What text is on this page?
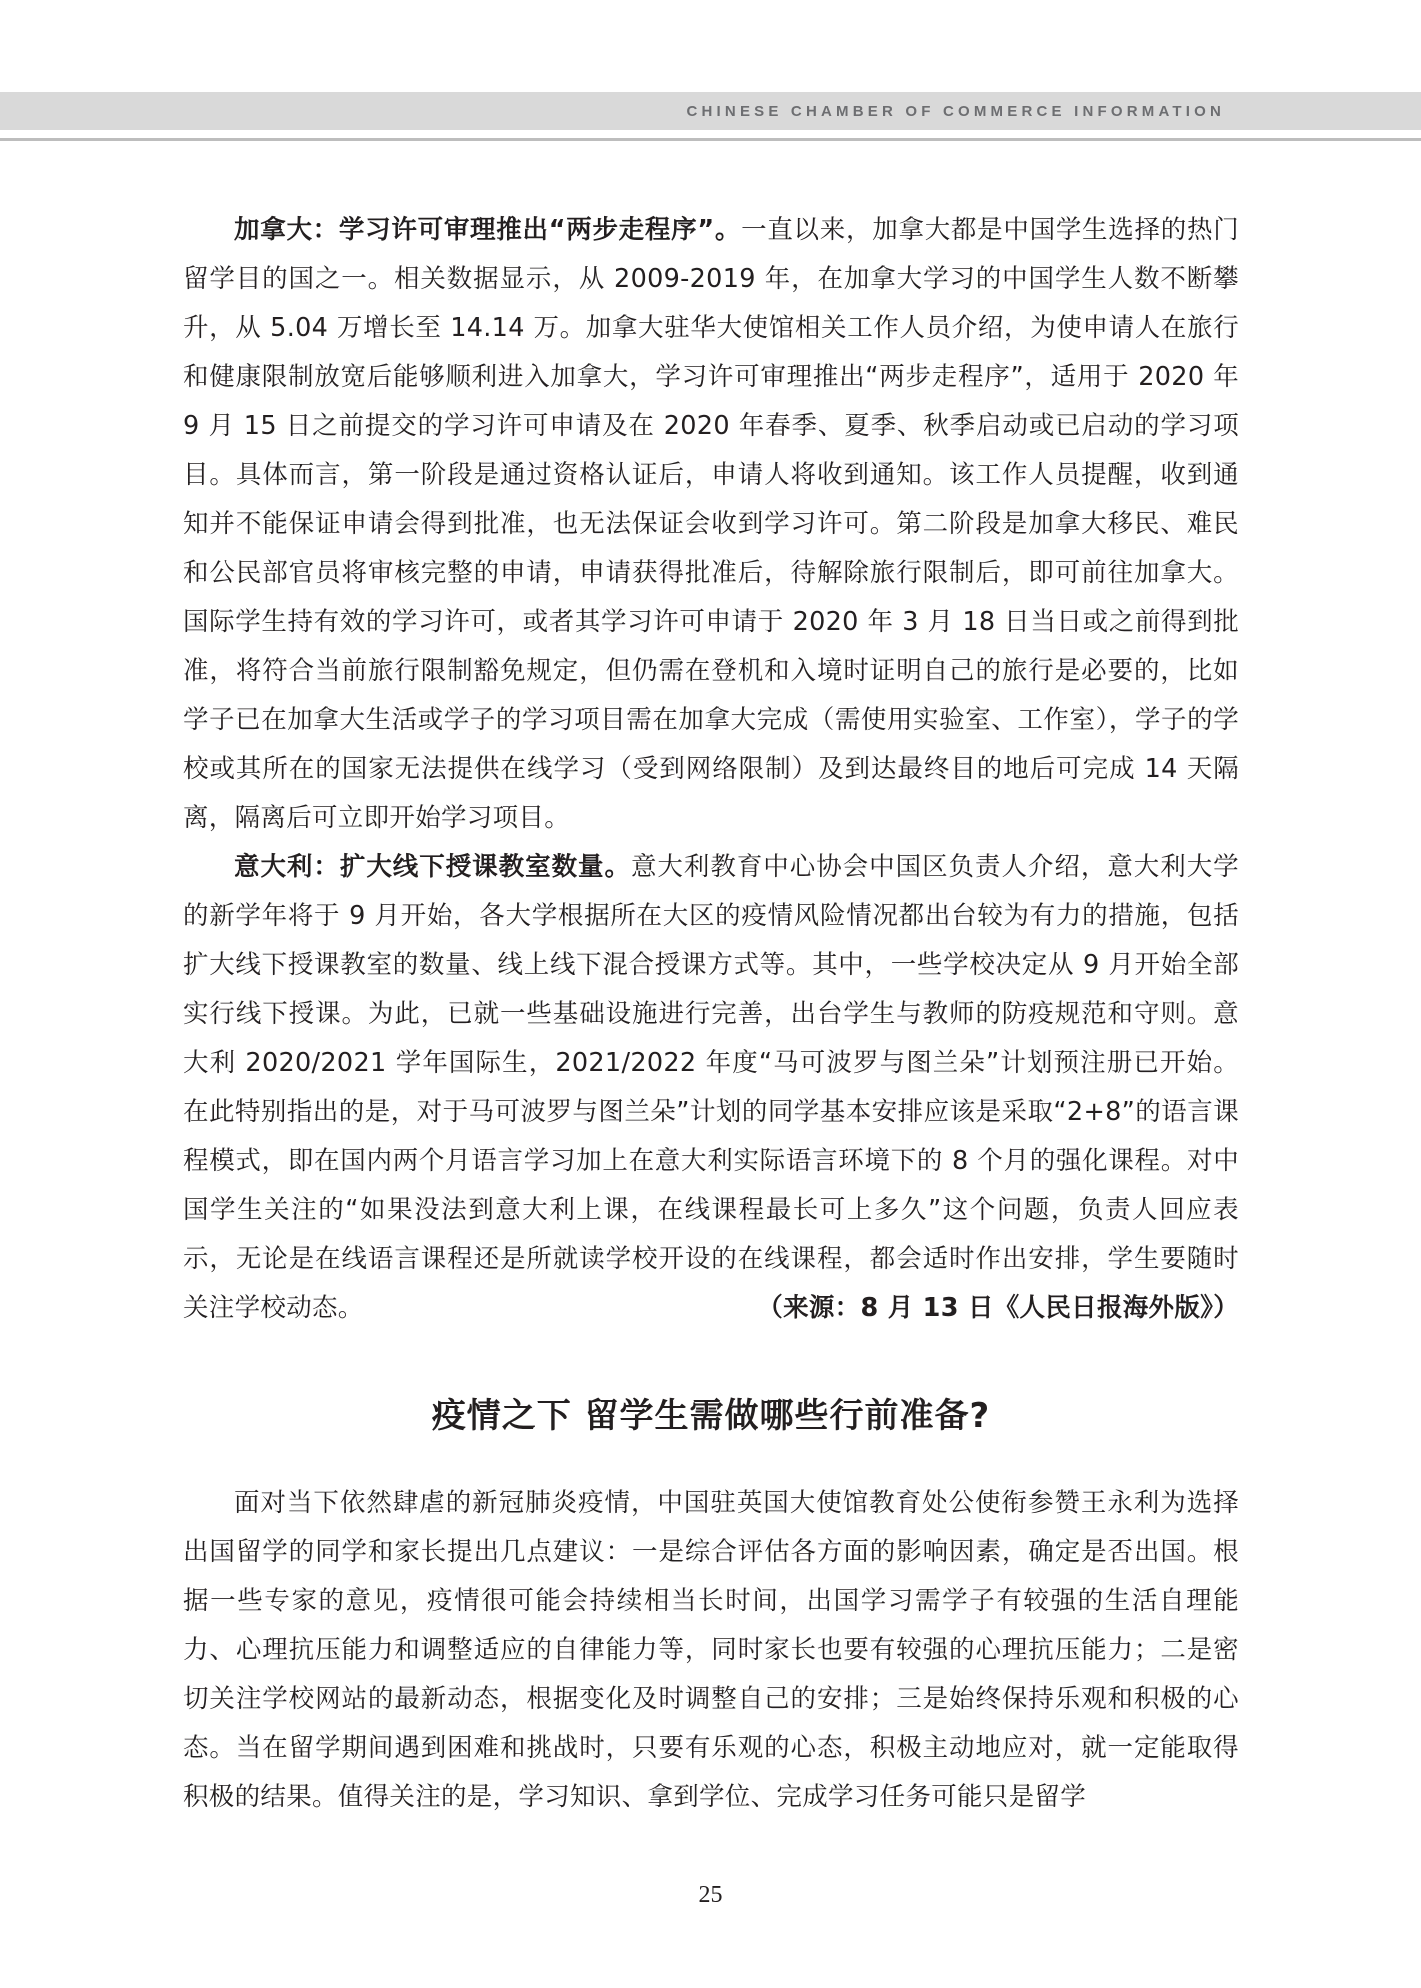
CHINESE CHAMBER OF COMMERCE INFORMATION

加拿大：学习许可审理推出“两步走程序”。一直以来，加拿大都是中国学生选择的热门留学目的国之一。相关数据显示，从 2009-2019 年，在加拿大学习的中国学生人数不断攀升，从 5.04 万增长至 14.14 万。加拿大驻华大使馆相关工作人员介绍，为使申请人在旅行和健康限制放宽后能够顺利进入加拿大，学习许可审理推出“两步走程序”，适用于 2020 年 9 月 15 日之前提交的学习许可申请及在 2020 年春季、夏季、秋季启动或已启动的学习项目。具体而言，第一阶段是通过资格认证后，申请人将收到通知。该工作人员提醒，收到通知并不能保证申请会得到批准，也无法保证会收到学习许可。第二阶段是加拿大移民、难民和公民部官员将审核完整的申请，申请获得批准后，待解除旅行限制后，即可前往加拿大。国际学生持有效的学习许可，或者其学习许可申请于 2020 年 3 月 18 日当日或之前得到批准，将符合当前旅行限制豁免规定，但仍需在登机和入境时证明自己的旅行是必要的，比如学子已在加拿大生活或学子的学习项目需在加拿大完成（需使用实验室、工作室），学子的学校或其所在的国家无法提供在线学习（受到网络限制）及到达最终目的地后可完成 14 天隔离，隔离后可立即开始学习项目。

意大利：扩大线下授课教室数量。意大利教育中心协会中国区负责人介绍，意大利大学的新学年将于 9 月开始，各大学根据所在大区的疫情风险情况都出台较为有力的措施，包括扩大线下授课教室的数量、线上线下混合授课方式等。其中，一些学校决定从 9 月开始全部实行线下授课。为此，已就一些基础设施进行完善，出台学生与教师的防疫规范和守则。意大利 2020/2021 学年国际生，2021/2022 年度“马可波罗与图兰朵”计划预注册已开始。在此特别指出的是，对于马可波罗与图兰朵”计划的同学基本安排应该是采取“2+8”的语言课程模式，即在国内两个月语言学习加上在意大利实际语言环境下的 8 个月的强化课程。对中国学生关注的“如果没法到意大利上课，在线课程最长可上多久”这个问题，负责人回应表示，无论是在线语言课程还是所就读学校开设的在线课程，都会适时作出安排，学生要随时关注学校动态。	（来源：8 月 13 日《人民日报海外版》）

疫情之下 留学生需做哪些行前准备?

面对当下依然肆虐的新冠肺炎疫情，中国驻英国大使馆教育处公使衔参赞王永利为选择出国留学的同学和家长提出几点建议：一是综合评估各方面的影响因素，确定是否出国。根据一些专家的意见，疫情很可能会持续相当长时间，出国学习需学子有较强的生活自理能力、心理抗压能力和调整适应的自律能力等，同时家长也要有较强的心理抗压能力；二是密切关注学校网站的最新动态，根据变化及时调整自己的安排；三是始终保持乐观和积极的心态。当在留学期间遇到困难和挑战时，只要有乐观的心态，积极主动地应对，就一定能取得积极的结果。值得关注的是，学习知识、拿到学位、完成学习任务可能只是留学

25
